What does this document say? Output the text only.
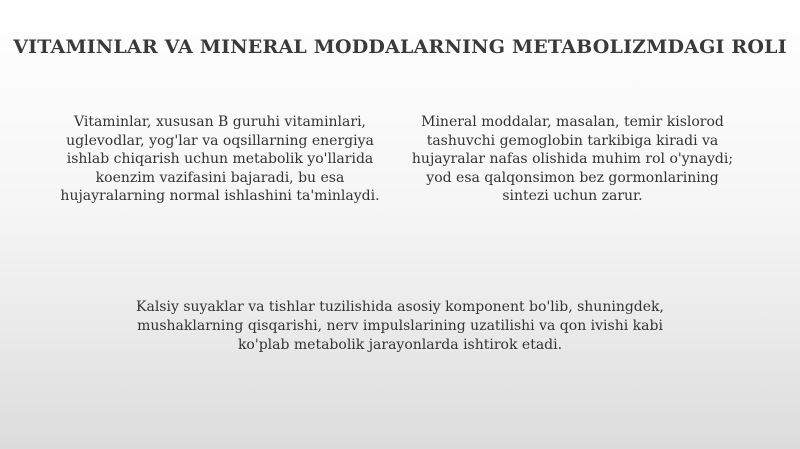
VITAMINLAR VA MINERAL MODDALARNING METABOLIZMDAGI ROLI
Vitaminlar, xususan B guruhi vitaminlari, uglevodlar, yog'lar va oqsillarning energiya ishlab chiqarish uchun metabolik yo'llarida koenzim vazifasini bajaradi, bu esa hujayralarning normal ishlashini ta'minlaydi.
Mineral moddalar, masalan, temir kislorod tashuvchi gemoglobin tarkibiga kiradi va hujayralar nafas olishida muhim rol o'ynaydi; yod esa qalqonsimon bez gormonlarining sintezi uchun zarur.
Kalsiy suyaklar va tishlar tuzilishida asosiy komponent bo'lib, shuningdek, mushaklarning qisqarishi, nerv impulslarining uzatilishi va qon ivishi kabi ko'plab metabolik jarayonlarda ishtirok etadi.
